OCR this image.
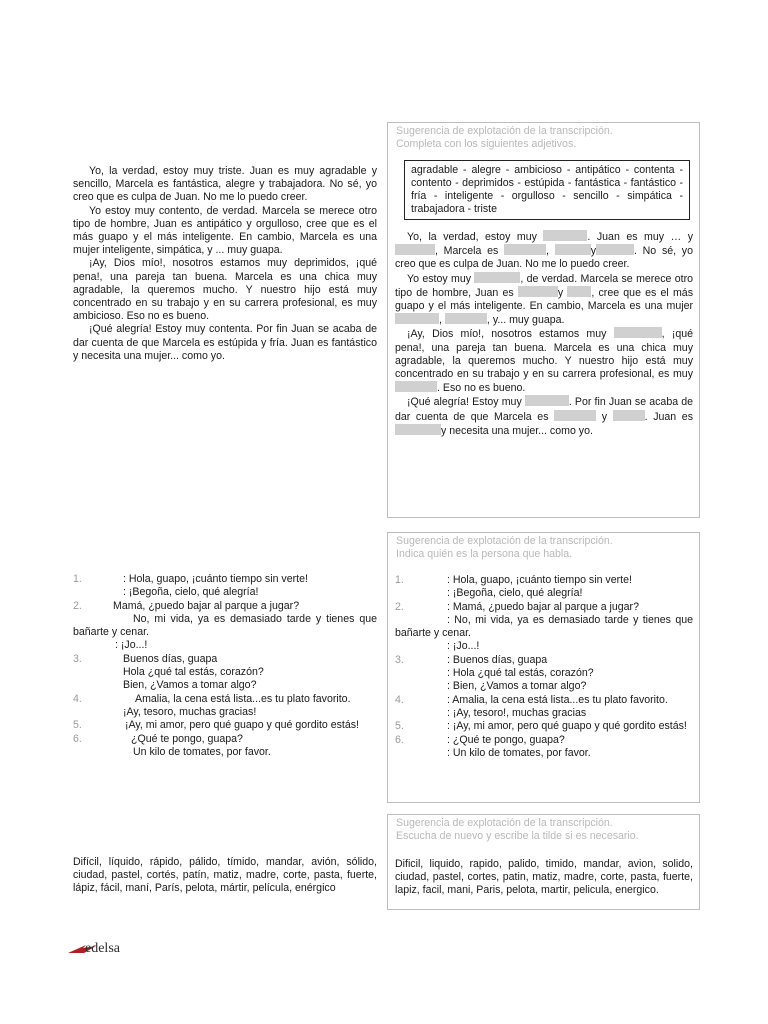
Yo, la verdad, estoy muy triste. Juan es muy agradable y sencillo, Marcela es fantástica, alegre y trabajadora. No sé, yo creo que es culpa de Juan. No me lo puedo creer.

Yo estoy muy contento, de verdad. Marcela se merece otro tipo de hombre, Juan es antipático y orgulloso, cree que es el más guapo y el más inteligente. En cambio, Marcela es una mujer inteligente, simpática, y ... muy guapa.

¡Ay, Dios mío!, nosotros estamos muy deprimidos, ¡qué pena!, una pareja tan buena. Marcela es una chica muy agradable, la queremos mucho. Y nuestro hijo está muy concentrado en su trabajo y en su carrera profesional, es muy ambicioso. Eso no es bueno.

¡Qué alegría! Estoy muy contenta. Por fin Juan se acaba de dar cuenta de que Marcela es estúpida y fría. Juan es fantástico y necesita una mujer... como yo.

Sugerencia de explotación de la transcripción.
Completa con los siguientes adjetivos.
agradable - alegre - ambicioso - antipático - contenta - contento - deprimidos - estúpida - fantástica - fantástico - fría - inteligente - orgulloso - sencillo - simpática - trabajadora - triste

Yo, la verdad, estoy muy	. Juan es muy … y , Marcela es	,	y	. No sé, yo creo que es culpa de Juan. No me lo puedo creer.

Yo estoy muy	, de verdad. Marcela se merece otro tipo de hombre, Juan es	y	, cree que es el más guapo y el más inteligente. En cambio, Marcela es una mujer ,	, y... muy guapa.

¡Ay, Dios mío!, nosotros estamos muy	, ¡qué pena!, una pareja tan buena. Marcela es una chica muy agradable, la queremos mucho. Y nuestro hijo está muy concentrado en su trabajo y en su carrera profesional, es muy . Eso no es bueno.

¡Qué alegría! Estoy muy	. Por fin Juan se acaba de dar cuenta de que Marcela es	y	. Juan es y necesita una mujer... como yo.

1.	: Hola, guapo, ¡cuánto tiempo sin verte!
: ¡Begoña, cielo, qué alegría!
2.	Mamá, ¿puedo bajar al parque a jugar?
No, mi vida, ya es demasiado tarde y tienes que bañarte y cenar.
: ¡Jo...!
3.	Buenos días, guapa
Hola ¿qué tal estás, corazón?
Bien, ¿Vamos a tomar algo?
4.	Amalia, la cena está lista...es tu plato favorito.
¡Ay, tesoro, muchas gracias!
5.	¡Ay, mi amor, pero qué guapo y qué gordito estás!
6.	¿Qué te pongo, guapa?
Un kilo de tomates, por favor.
Sugerencia de explotación de la transcripción.
Indica quién es la persona que habla.
1.	: Hola, guapo, ¡cuánto tiempo sin verte!
: ¡Begoña, cielo, qué alegría!
2.	: Mamá, ¿puedo bajar al parque a jugar?
: No, mi vida, ya es demasiado tarde y tienes que bañarte y cenar.
: ¡Jo...!
3.	: Buenos días, guapa
: Hola ¿qué tal estás, corazón?
: Bien, ¿Vamos a tomar algo?
4.	: Amalia, la cena está lista...es tu plato favorito.
: ¡Ay, tesoro!, muchas gracias
5.	: ¡Ay, mi amor, pero qué guapo y qué gordito estás!
6.	: ¿Qué te pongo, guapa?
: Un kilo de tomates, por favor.
Difícil, líquido, rápido, pálido, tímido, mandar, avión, sólido, ciudad, pastel, cortés, patín, matiz, madre, corte, pasta, fuerte, lápiz, fácil, maní, París, pelota, mártir, película, enérgico
Sugerencia de explotación de la transcripción.
Escucha de nuevo y escribe la tilde si es necesario.
Dificil, liquido, rapido, palido, timido, mandar, avion, solido, ciudad, pastel, cortes, patin, matiz, madre, corte, pasta, fuerte, lapiz, facil, mani, Paris, pelota, martir, pelicula, energico.
edelsa
